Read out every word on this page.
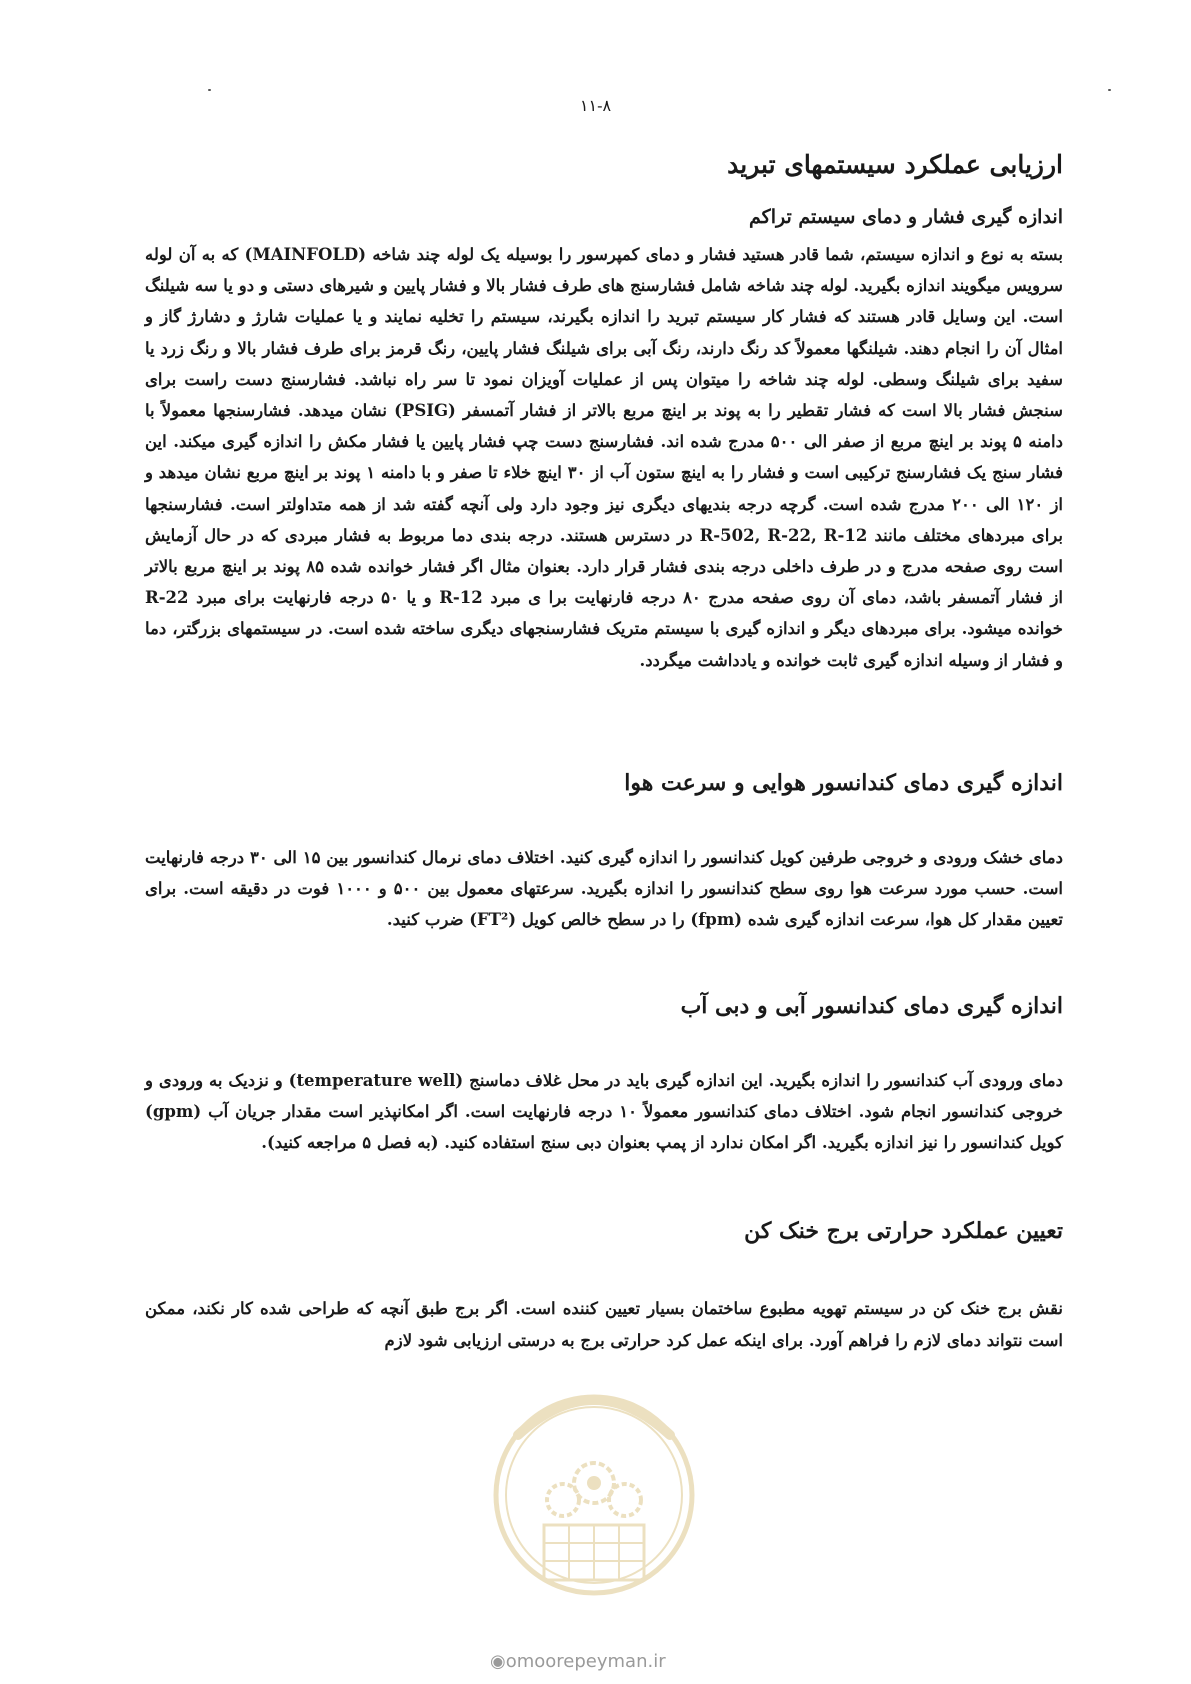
۱۱-۸
ارزیابی عملکرد سیستمهای تبرید
اندازه گیری فشار و دمای سیستم تراکم

بسته به نوع و اندازه سیستم، شما قادر هستید فشار و دمای کمپرسور را بوسیله یک لوله چند شاخه (MAINFOLD) که به آن لوله سرویس میگویند اندازه بگیرید. لوله چند شاخه شامل فشارسنج های طرف فشار بالا و فشار پایین و شیرهای دستی و دو یا سه شیلنگ است. این وسایل قادر هستند که فشار کار سیستم تبرید را اندازه بگیرند، سیستم را تخلیه نمایند و یا عملیات شارژ و دشارژ گاز و امثال آن را انجام دهند. شیلنگها معمولاً کد رنگ دارند، رنگ آبی برای شیلنگ فشار پایین، رنگ قرمز برای طرف فشار بالا و رنگ زرد یا سفید برای شیلنگ وسطی. لوله چند شاخه را میتوان پس از عملیات آویزان نمود تا سر راه نباشد. فشارسنج دست راست برای سنجش فشار بالا است که فشار تقطیر را به پوند بر اینچ مربع بالاتر از فشار آتمسفر (PSIG) نشان میدهد. فشارسنجها معمولاً با دامنه ۵ پوند بر اینچ مربع از صفر الی ۵۰۰ مدرج شده اند. فشارسنج دست چپ فشار پایین یا فشار مکش را اندازه گیری میکند. این فشار سنج یک فشارسنج ترکیبی است و فشار را به اینچ ستون آب از ۳۰ اینچ خلاء تا صفر و با دامنه ۱ پوند بر اینچ مربع نشان میدهد و از ۱۲۰ الی ۲۰۰ مدرج شده است. گرچه درجه بندیهای دیگری نیز وجود دارد ولی آنچه گفته شد از همه متداولتر است. فشارسنجها برای مبردهای مختلف مانند R-502, R-22, R-12 در دسترس هستند. درجه بندی دما مربوط به فشار مبردی که در حال آزمایش است روی صفحه مدرج و در طرف داخلی درجه بندی فشار قرار دارد. بعنوان مثال اگر فشار خوانده شده ۸۵ پوند بر اینچ مربع بالاتر از فشار آتمسفر باشد، دمای آن روی صفحه مدرج ۸۰ درجه فارنهایت برا ی مبرد R-12 و یا ۵۰ درجه فارنهایت برای مبرد R-22 خوانده میشود. برای مبردهای دیگر و اندازه گیری با سیستم متریک فشارسنجهای دیگری ساخته شده است. در سیستمهای بزرگتر، دما و فشار از وسیله اندازه گیری ثابت خوانده و یادداشت میگردد.

اندازه گیری دمای کندانسور هوایی و سرعت هوا

دمای خشک ورودی و خروجی طرفین کویل کندانسور را اندازه گیری کنید. اختلاف دمای نرمال کندانسور بین ۱۵ الی ۳۰ درجه فارنهایت است. حسب مورد سرعت هوا روی سطح کندانسور را اندازه بگیرید. سرعتهای معمول بین ۵۰۰ و ۱۰۰۰ فوت در دقیقه است. برای تعیین مقدار کل هوا، سرعت اندازه گیری شده (fpm) را در سطح خالص کویل (FT²) ضرب کنید.

اندازه گیری دمای کندانسور آبی و دبی آب

دمای ورودی آب کندانسور را اندازه بگیرید. این اندازه گیری باید در محل غلاف دماسنج (temperature well) و نزدیک به ورودی و خروجی کندانسور انجام شود. اختلاف دمای کندانسور معمولاً ۱۰ درجه فارنهایت است. اگر امکانپذیر است مقدار جریان آب (gpm) کویل کندانسور را نیز اندازه بگیرید. اگر امکان ندارد از پمپ بعنوان دبی سنج استفاده کنید. (به فصل ۵ مراجعه کنید).

تعیین عملکرد حرارتی برج خنک کن

نقش برج خنک کن در سیستم تهویه مطبوع ساختمان بسیار تعیین کننده است. اگر برج طبق آنچه که طراحی شده کار نکند، ممکن است نتواند دمای لازم را فراهم آورد. برای اینکه عمل کرد حرارتی برج به درستی ارزیابی شود لازم

◉omoorepeyman.ir
